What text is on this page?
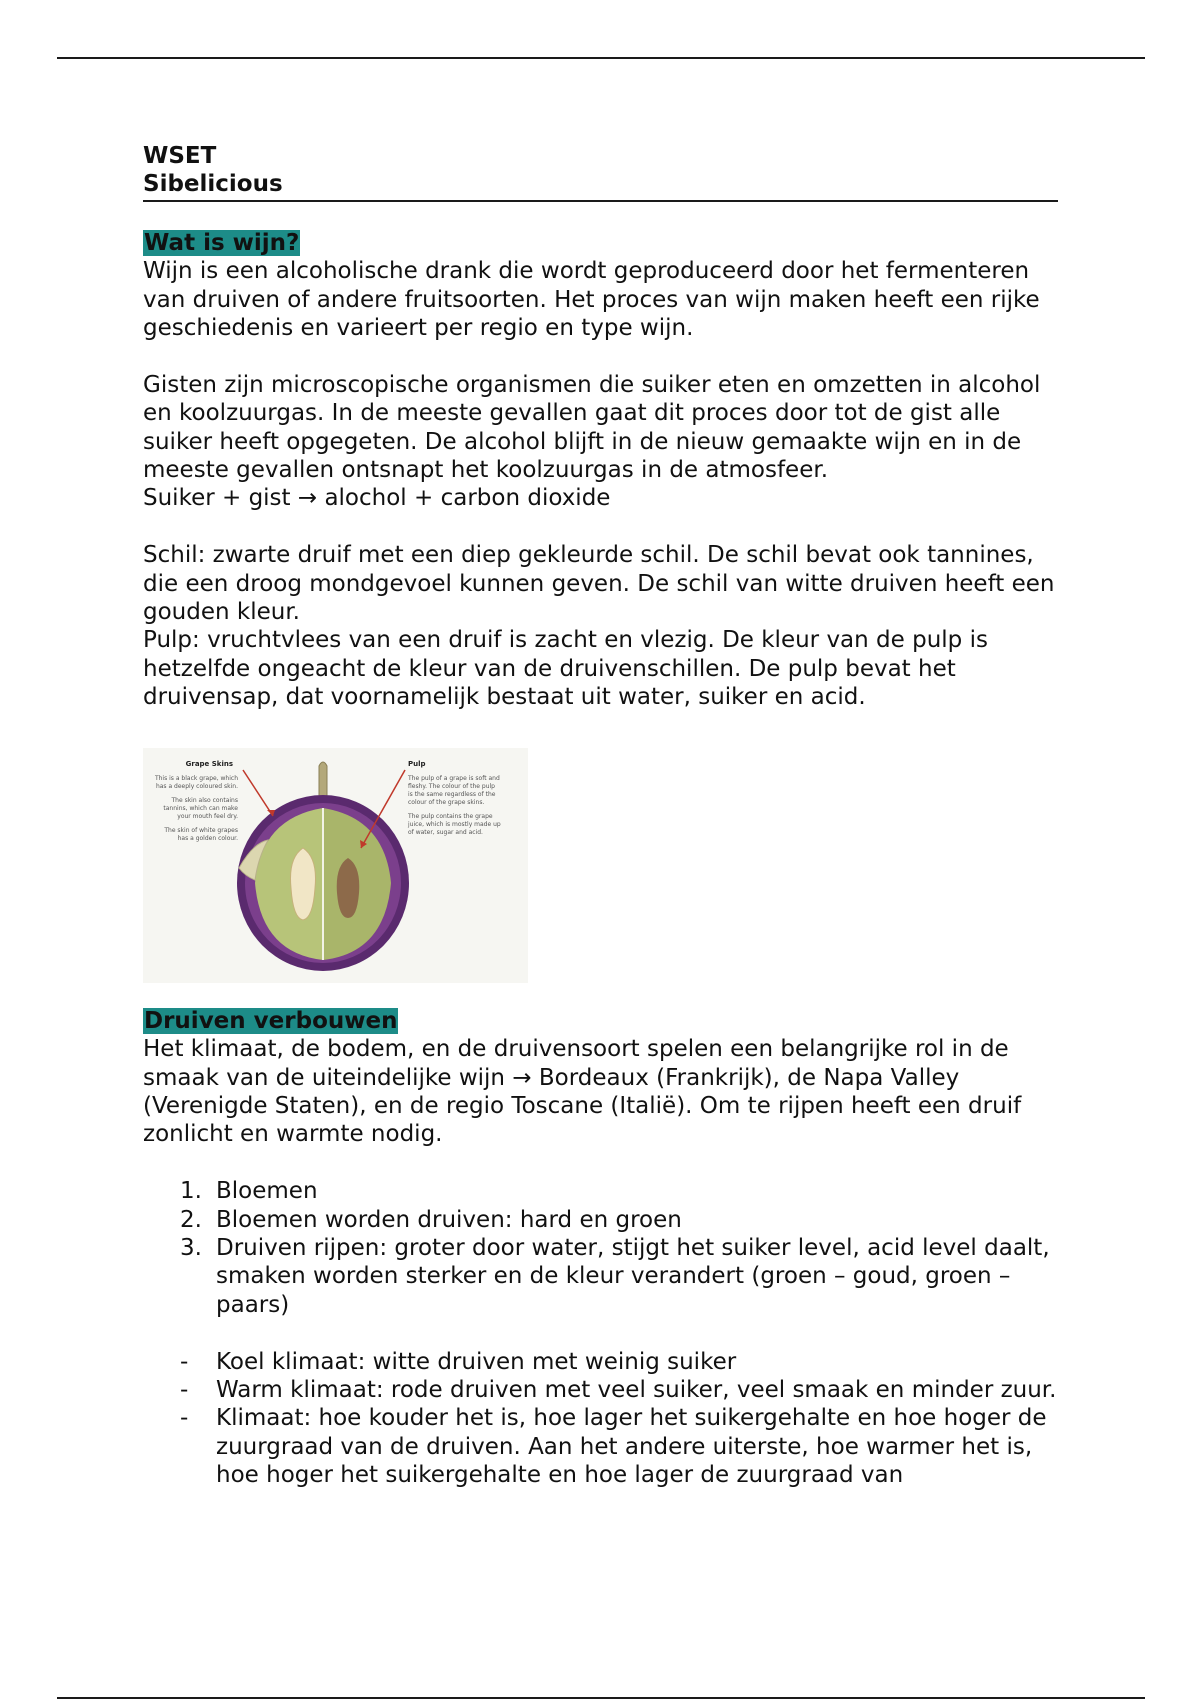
WSET
Sibelicious
Wat is wijn?

Wijn is een alcoholische drank die wordt geproduceerd door het fermenteren van druiven of andere fruitsoorten. Het proces van wijn maken heeft een rijke geschiedenis en varieert per regio en type wijn.

Gisten zijn microscopische organismen die suiker eten en omzetten in alcohol en koolzuurgas. In de meeste gevallen gaat dit proces door tot de gist alle suiker heeft opgegeten. De alcohol blijft in de nieuw gemaakte wijn en in de meeste gevallen ontsnapt het koolzuurgas in de atmosfeer.

Suiker + gist → alochol + carbon dioxide

Schil: zwarte druif met een diep gekleurde schil. De schil bevat ook tannines, die een droog mondgevoel kunnen geven. De schil van witte druiven heeft een gouden kleur.

Pulp: vruchtvlees van een druif is zacht en vlezig. De kleur van de pulp is hetzelfde ongeacht de kleur van de druivenschillen. De pulp bevat het druivensap, dat voornamelijk bestaat uit water, suiker en acid.

Grape Skins
This is a black grape, which
has a deeply coloured skin.
The skin also contains
tannins, which can make
your mouth feel dry.
The skin of white grapes
has a golden colour.
Pulp
The pulp of a grape is soft and
fleshy. The colour of the pulp
is the same regardless of the
colour of the grape skins.
The pulp contains the grape
juice, which is mostly made up
of water, sugar and acid.
Druiven verbouwen

Het klimaat, de bodem, en de druivensoort spelen een belangrijke rol in de smaak van de uiteindelijke wijn → Bordeaux (Frankrijk), de Napa Valley (Verenigde Staten), en de regio Toscane (Italië). Om te rijpen heeft een druif zonlicht en warmte nodig.

1. Bloemen
2. Bloemen worden druiven: hard en groen
3. Druiven rijpen: groter door water, stijgt het suiker level, acid level daalt, smaken worden sterker en de kleur verandert (groen – goud, groen – paars)
- Koel klimaat: witte druiven met weinig suiker
- Warm klimaat: rode druiven met veel suiker, veel smaak en minder zuur.
- Klimaat: hoe kouder het is, hoe lager het suikergehalte en hoe hoger de zuurgraad van de druiven. Aan het andere uiterste, hoe warmer het is, hoe hoger het suikergehalte en hoe lager de zuurgraad van
